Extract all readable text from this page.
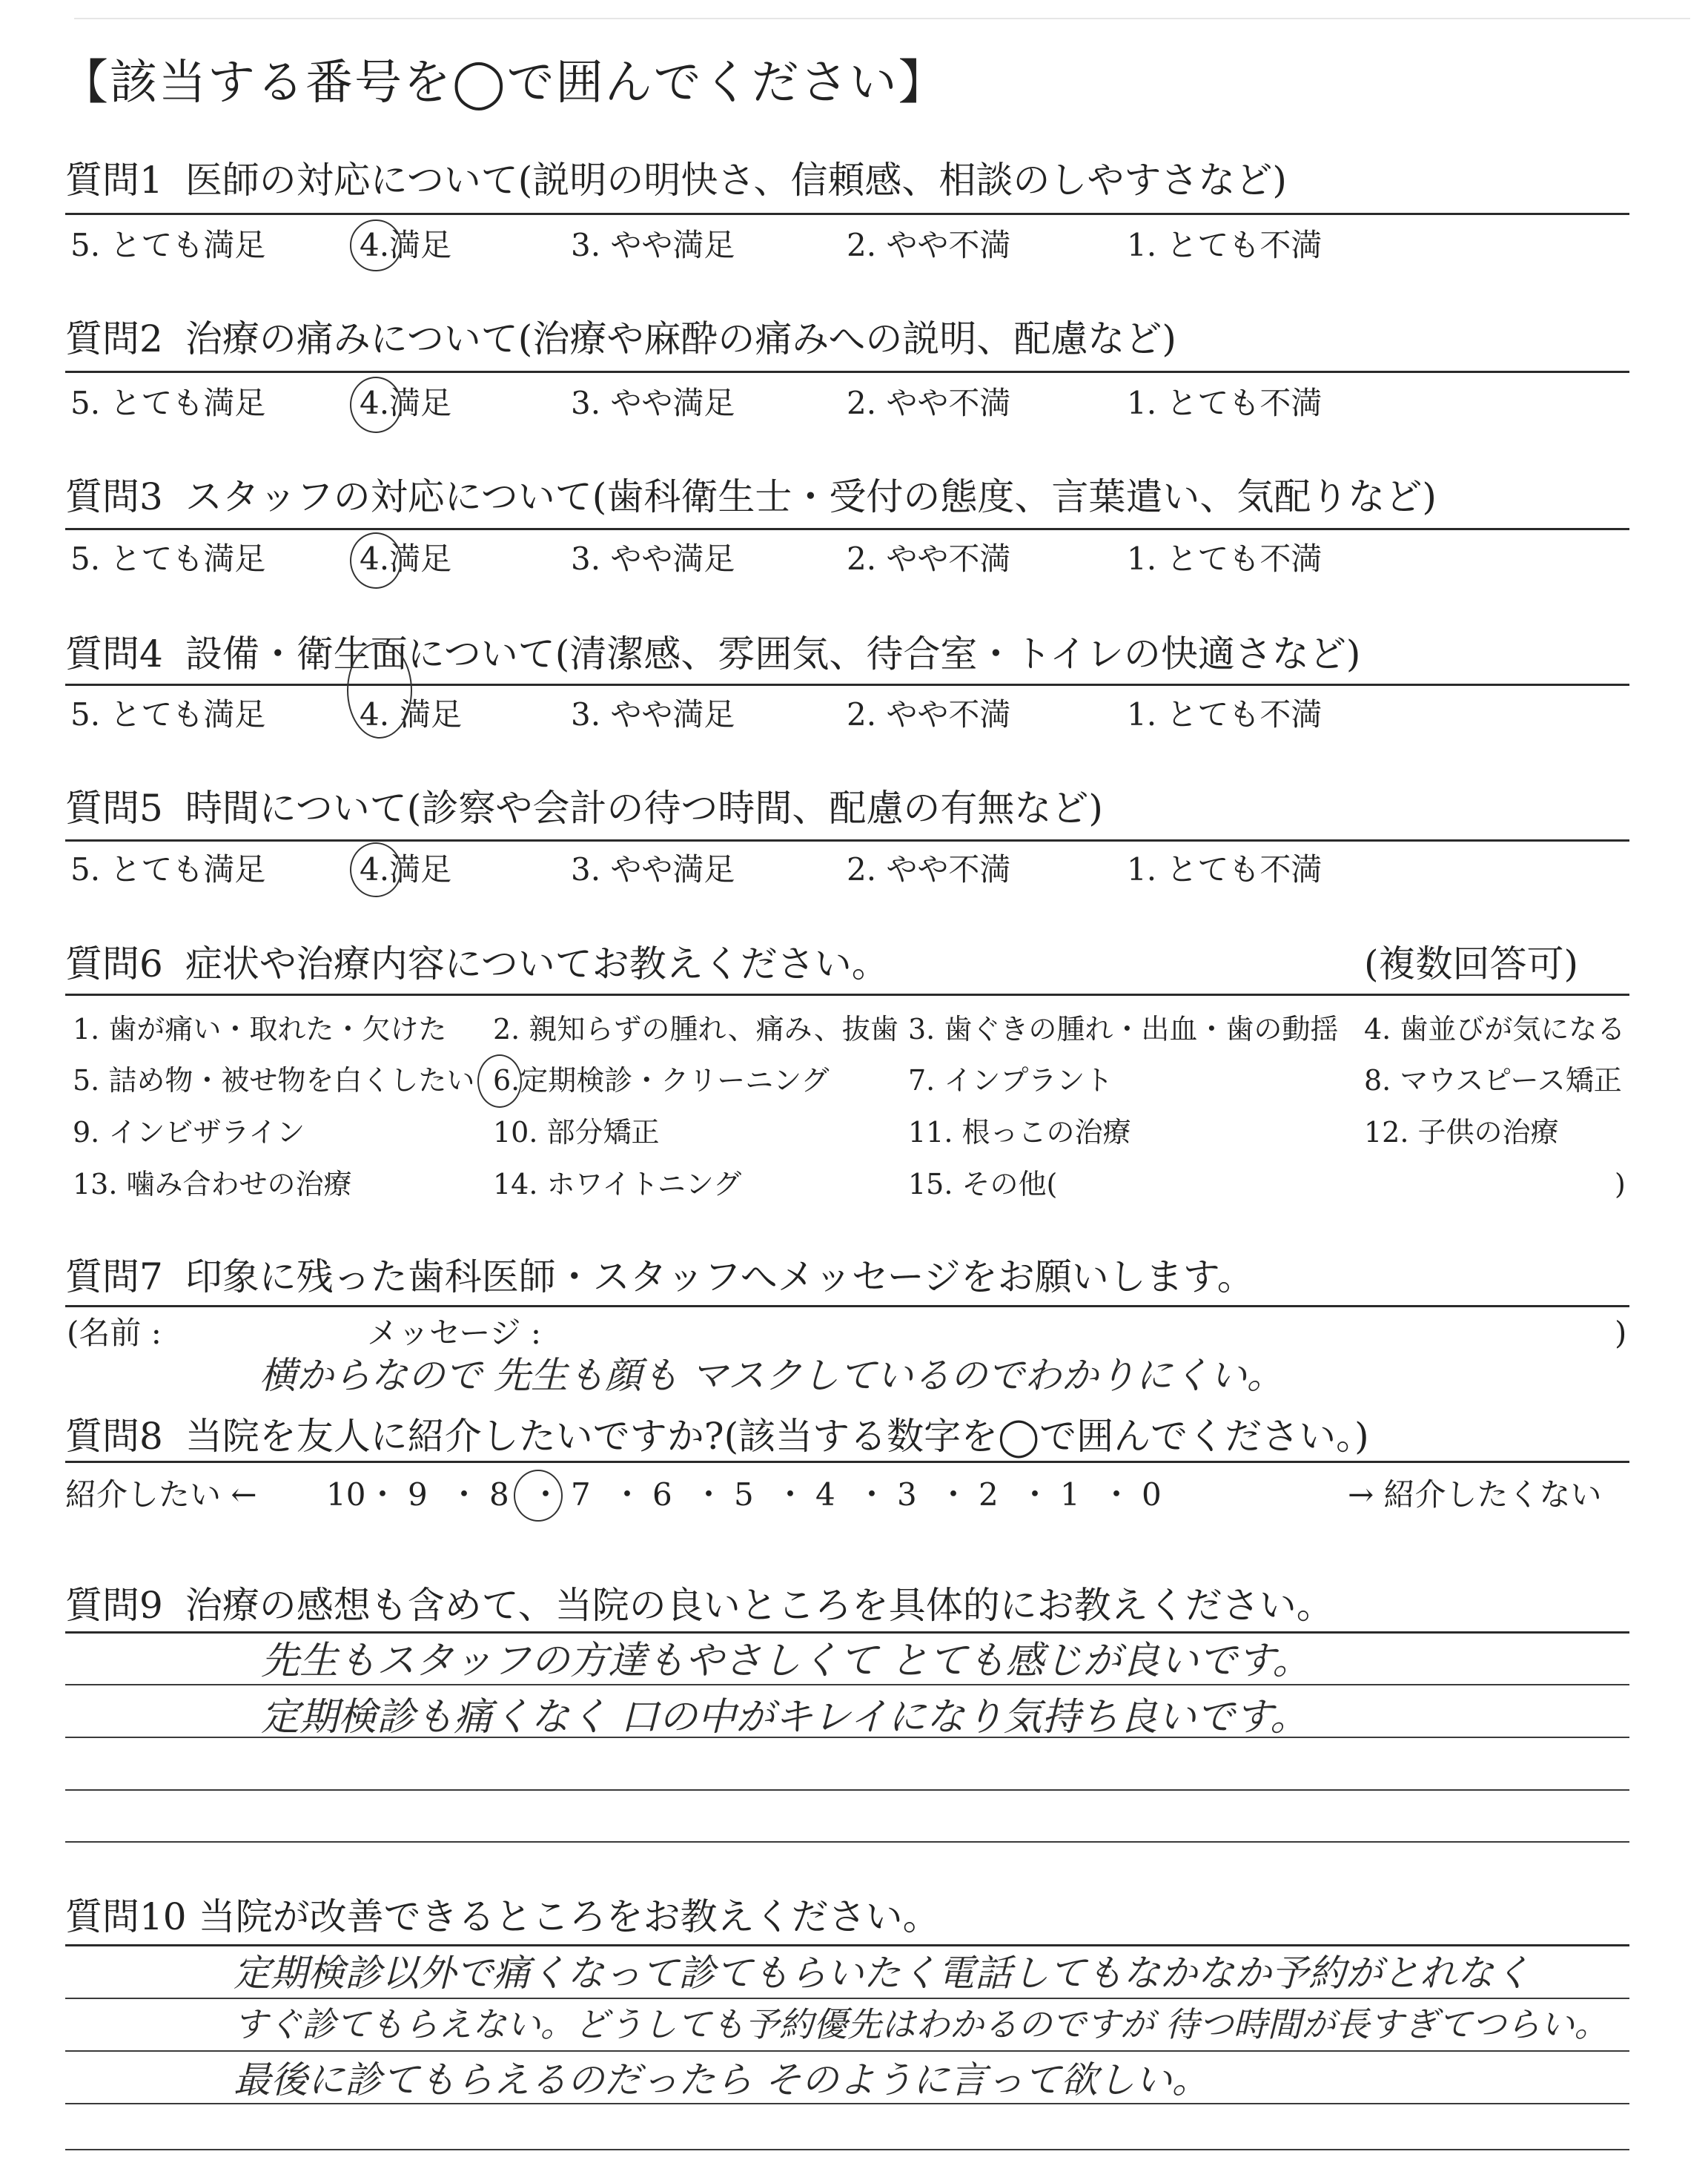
【該当する番号を◯で囲んでください】
質問1 医師の対応について(説明の明快さ、信頼感、相談のしやすさなど)
5. とても満足	4.満足	3. やや満足	2. やや不満	1. とても不満
質問2 治療の痛みについて(治療や麻酔の痛みへの説明、配慮など)
5. とても満足	4.満足	3. やや満足	2. やや不満	1. とても不満
質問3 スタッフの対応について(歯科衛生士・受付の態度、言葉遣い、気配りなど)
5. とても満足	4.満足	3. やや満足	2. やや不満	1. とても不満
質問4 設備・衛生面について(清潔感、雰囲気、待合室・トイレの快適さなど)
5. とても満足	4. 満足	3. やや満足	2. やや不満	1. とても不満
質問5 時間について(診察や会計の待つ時間、配慮の有無など)
5. とても満足	4.満足	3. やや満足	2. やや不満	1. とても不満
質問6 症状や治療内容についてお教えください。	(複数回答可)
1. 歯が痛い・取れた・欠けた 2. 親知らずの腫れ、痛み、抜歯 3. 歯ぐきの腫れ・出血・歯の動揺 4. 歯並びが気になる
5. 詰め物・被せ物を白くしたい 6.定期検診・クリーニング	7. インプラント	8. マウスピース矯正
9. インビザライン	10. 部分矯正	11. 根っこの治療	12. 子供の治療
13. 噛み合わせの治療	14. ホワイトニング	15. その他(	)
質問7 印象に残った歯科医師・スタッフへメッセージをお願いします。
(名前 :	メッセージ :	)
横からなので 先生も顔も マスクしているのでわかりにくい。
質問8 当院を友人に紹介したいですか?(該当する数字を◯で囲んでください。)
紹介したい ← 10 ・ 9 ・ 8 ・ 7 ・ 6 ・ 5 ・ 4 ・ 3 ・ 2 ・ 1 ・ 0	→ 紹介したくない
質問9 治療の感想も含めて、当院の良いところを具体的にお教えください。
先生もスタッフの方達もやさしくて とても感じが良いです。
定期検診も痛くなく 口の中がキレイになり気持ち良いです。
質問10 当院が改善できるところをお教えください。
定期検診以外で痛くなって診てもらいたく電話してもなかなか予約がとれなく
すぐ診てもらえない。どうしても予約優先はわかるのですが 待つ時間が長すぎてつらい。
最後に診てもらえるのだったら そのように言って欲しい。
